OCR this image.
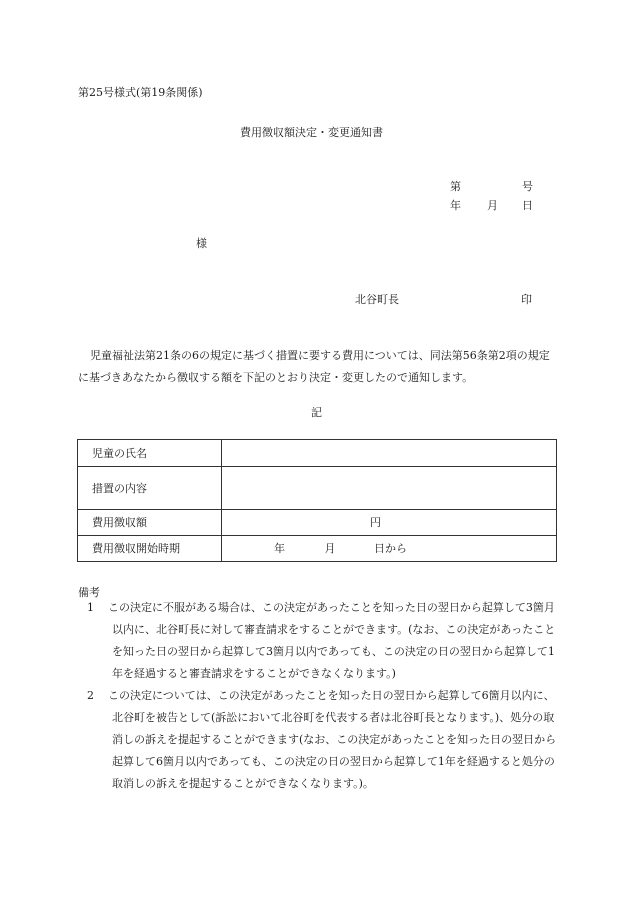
第25号様式(第19条関係)
費用徴収額決定・変更通知書
第	号
年 月 日
様
北谷町長	印
児童福祉法第21条の6の規定に基づく措置に要する費用については、同法第56条第2項の規定に基づきあなたから徴収する額を下記のとおり決定・変更したので通知します。
記
児童の氏名	
措置の内容	
費用徴収額	円
費用徴収開始時期	年 月 日から
備考
1 この決定に不服がある場合は、この決定があったことを知った日の翌日から起算して3箇月以内に、北谷町長に対して審査請求をすることができます。(なお、この決定があったことを知った日の翌日から起算して3箇月以内であっても、この決定の日の翌日から起算して1年を経過すると審査請求をすることができなくなります。)
2 この決定については、この決定があったことを知った日の翌日から起算して6箇月以内に、北谷町を被告として(訴訟において北谷町を代表する者は北谷町長となります。)、処分の取消しの訴えを提起することができます(なお、この決定があったことを知った日の翌日から起算して6箇月以内であっても、この決定の日の翌日から起算して1年を経過すると処分の取消しの訴えを提起することができなくなります。)。
